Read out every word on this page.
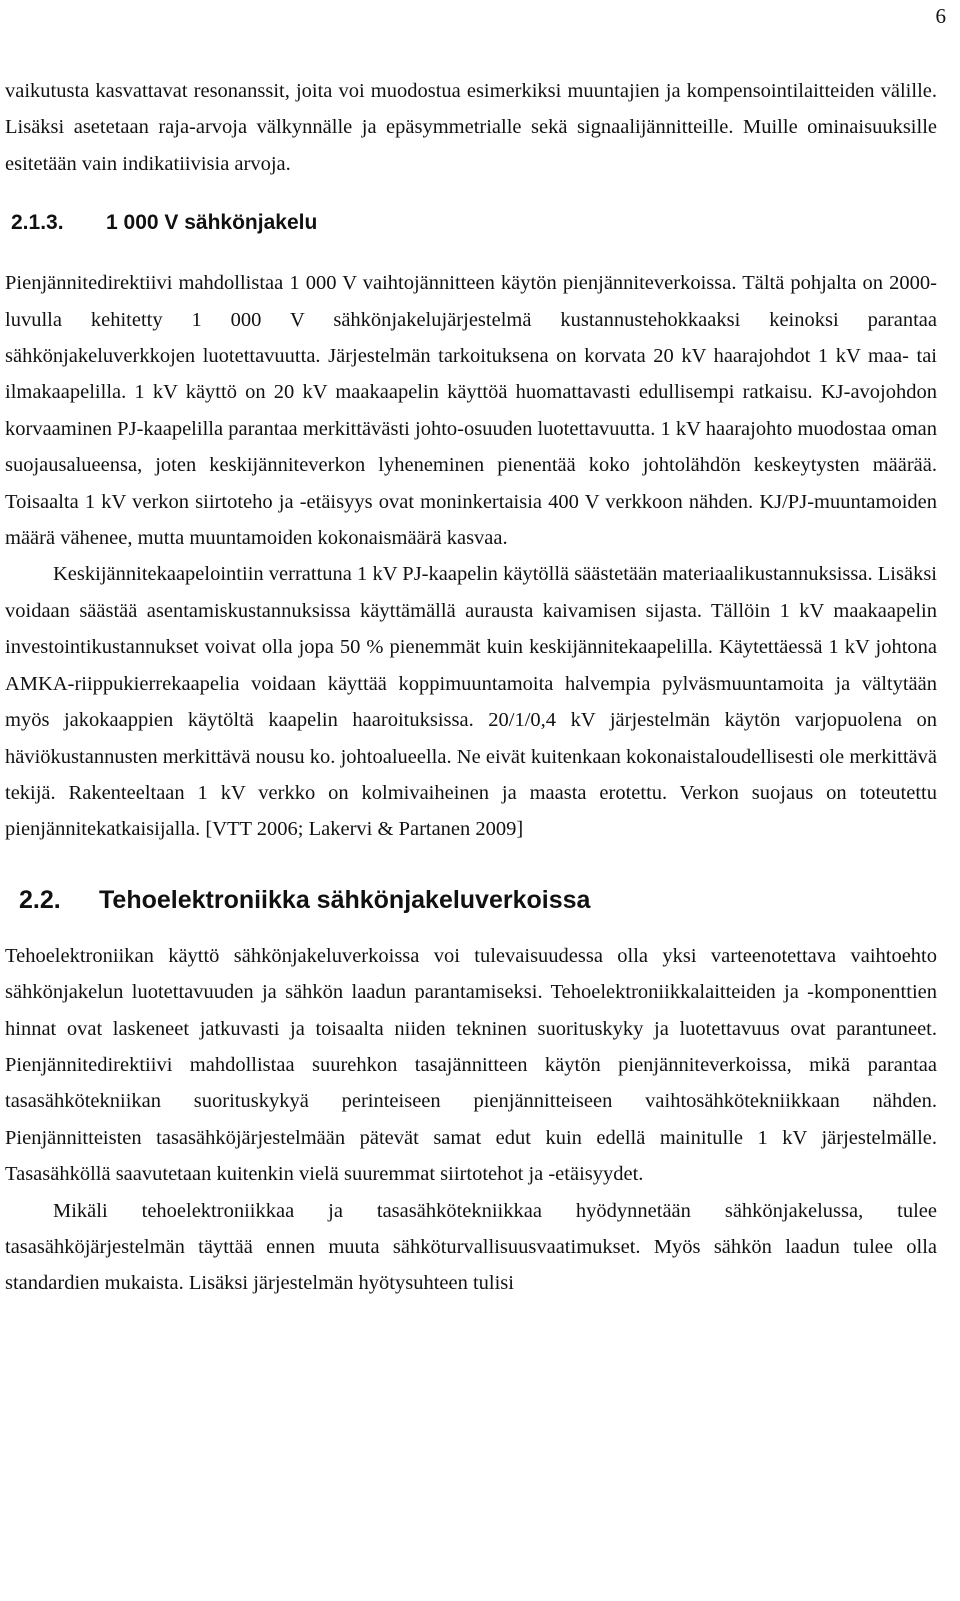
6

vaikutusta kasvattavat resonanssit, joita voi muodostua esimerkiksi muuntajien ja kompensointilaitteiden välille. Lisäksi asetetaan raja-arvoja välkynnälle ja epäsymmetrialle sekä signaalijännitteille. Muille ominaisuuksille esitetään vain indikatiivisia arvoja.

2.1.3. 1 000 V sähkönjakelu

Pienjännitedirektiivi mahdollistaa 1 000 V vaihtojännitteen käytön pienjänniteverkoissa. Tältä pohjalta on 2000-luvulla kehitetty 1 000 V sähkönjakelujärjestelmä kustannustehokkaaksi keinoksi parantaa sähkönjakeluverkkojen luotettavuutta. Järjestelmän tarkoituksena on korvata 20 kV haarajohdot 1 kV maa- tai ilmakaapelilla. 1 kV käyttö on 20 kV maakaapelin käyttöä huomattavasti edullisempi ratkaisu. KJ-avojohdon korvaaminen PJ-kaapelilla parantaa merkittävästi johto-osuuden luotettavuutta. 1 kV haarajohto muodostaa oman suojausalueensa, joten keskijänniteverkon lyheneminen pienentää koko johtolähdön keskeytysten määrää. Toisaalta 1 kV verkon siirtoteho ja -etäisyys ovat moninkertaisia 400 V verkkoon nähden. KJ/PJ-muuntamoiden määrä vähenee, mutta muuntamoiden kokonaismäärä kasvaa.

Keskijännitekaapelointiin verrattuna 1 kV PJ-kaapelin käytöllä säästetään materiaalikustannuksissa. Lisäksi voidaan säästää asentamiskustannuksissa käyttämällä aurausta kaivamisen sijasta. Tällöin 1 kV maakaapelin investointikustannukset voivat olla jopa 50 % pienemmät kuin keskijännitekaapelilla. Käytettäessä 1 kV johtona AMKA-riippukierrekaapelia voidaan käyttää koppimuuntamoita halvempia pylväsmuuntamoita ja vältytään myös jakokaappien käytöltä kaapelin haaroituksissa. 20/1/0,4 kV järjestelmän käytön varjopuolena on häviökustannusten merkittävä nousu ko. johtoalueella. Ne eivät kuitenkaan kokonaistaloudellisesti ole merkittävä tekijä. Rakenteeltaan 1 kV verkko on kolmivaiheinen ja maasta erotettu. Verkon suojaus on toteutettu pienjännitekatkaisijalla. [VTT 2006; Lakervi & Partanen 2009]

2.2. Tehoelektroniikka sähkönjakeluverkoissa

Tehoelektroniikan käyttö sähkönjakeluverkoissa voi tulevaisuudessa olla yksi varteenotettava vaihtoehto sähkönjakelun luotettavuuden ja sähkön laadun parantamiseksi. Tehoelektroniikkalaitteiden ja -komponenttien hinnat ovat laskeneet jatkuvasti ja toisaalta niiden tekninen suorituskyky ja luotettavuus ovat parantuneet. Pienjännitedirektiivi mahdollistaa suurehkon tasajännitteen käytön pienjänniteverkoissa, mikä parantaa tasasähkötekniikan suorituskykyä perinteiseen pienjännitteiseen vaihtosähkötekniikkaan nähden. Pienjännitteisten tasasähköjärjestelmään pätevät samat edut kuin edellä mainitulle 1 kV järjestelmälle. Tasasähköllä saavutetaan kuitenkin vielä suuremmat siirtotehot ja -etäisyydet.

Mikäli tehoelektroniikkaa ja tasasähkötekniikkaa hyödynnetään sähkönjakelussa, tulee tasasähköjärjestelmän täyttää ennen muuta sähköturvallisuusvaatimukset. Myös sähkön laadun tulee olla standardien mukaista. Lisäksi järjestelmän hyötysuhteen tulisi
